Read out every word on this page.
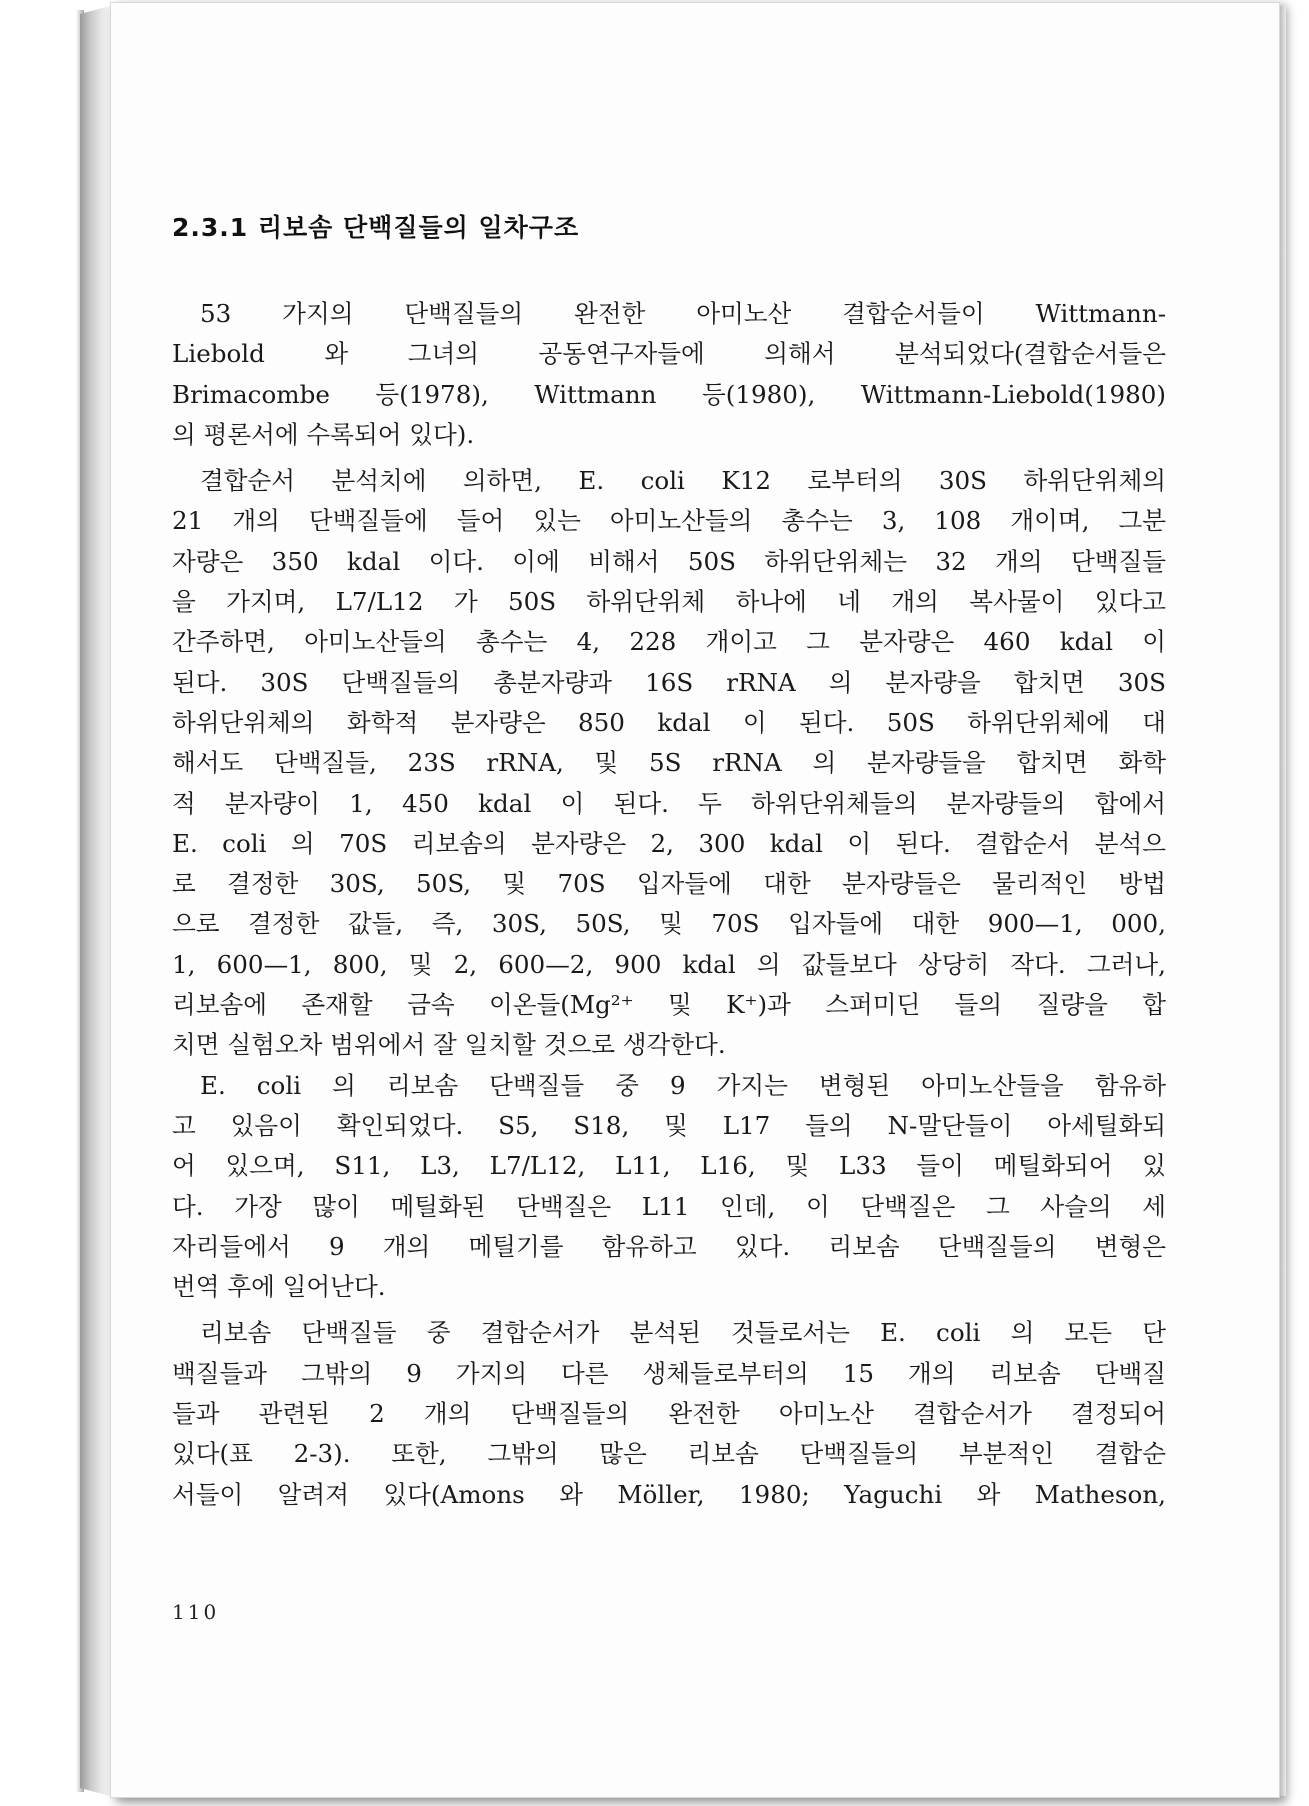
2.3.1 리보솜 단백질들의 일차구조

53 가지의 단백질들의 완전한 아미노산 결합순서들이 Wittmann-
Liebold 와 그녀의 공동연구자들에 의해서 분석되었다(결합순서들은
Brimacombe 등(1978), Wittmann 등(1980), Wittmann-Liebold(1980)
의 평론서에 수록되어 있다).

결합순서 분석치에 의하면, E. coli K12 로부터의 30S 하위단위체의
21 개의 단백질들에 들어 있는 아미노산들의 총수는 3, 108 개이며, 그분
자량은 350 kdal 이다. 이에 비해서 50S 하위단위체는 32 개의 단백질들
을 가지며, L7/L12 가 50S 하위단위체 하나에 네 개의 복사물이 있다고
간주하면, 아미노산들의 총수는 4, 228 개이고 그 분자량은 460 kdal 이
된다. 30S 단백질들의 총분자량과 16S rRNA 의 분자량을 합치면 30S
하위단위체의 화학적 분자량은 850 kdal 이 된다. 50S 하위단위체에 대
해서도 단백질들, 23S rRNA, 및 5S rRNA 의 분자량들을 합치면 화학
적 분자량이 1, 450 kdal 이 된다. 두 하위단위체들의 분자량들의 합에서
E. coli 의 70S 리보솜의 분자량은 2, 300 kdal 이 된다. 결합순서 분석으
로 결정한 30S, 50S, 및 70S 입자들에 대한 분자량들은 물리적인 방법
으로 결정한 값들, 즉, 30S, 50S, 및 70S 입자들에 대한 900—1, 000,
1, 600—1, 800, 및 2, 600—2, 900 kdal 의 값들보다 상당히 작다. 그러나,
리보솜에 존재할 금속 이온들(Mg²⁺ 및 K⁺)과 스퍼미딘 들의 질량을 합
치면 실험오차 범위에서 잘 일치할 것으로 생각한다.

E. coli 의 리보솜 단백질들 중 9 가지는 변형된 아미노산들을 함유하
고 있음이 확인되었다. S5, S18, 및 L17 들의 N-말단들이 아세틸화되
어 있으며, S11, L3, L7/L12, L11, L16, 및 L33 들이 메틸화되어 있
다. 가장 많이 메틸화된 단백질은 L11 인데, 이 단백질은 그 사슬의 세
자리들에서 9 개의 메틸기를 함유하고 있다. 리보솜 단백질들의 변형은
번역 후에 일어난다.

리보솜 단백질들 중 결합순서가 분석된 것들로서는 E. coli 의 모든 단
백질들과 그밖의 9 가지의 다른 생체들로부터의 15 개의 리보솜 단백질
들과 관련된 2 개의 단백질들의 완전한 아미노산 결합순서가 결정되어
있다(표 2-3). 또한, 그밖의 많은 리보솜 단백질들의 부분적인 결합순
서들이 알려져 있다(Amons 와 Möller, 1980; Yaguchi 와 Matheson,

110
